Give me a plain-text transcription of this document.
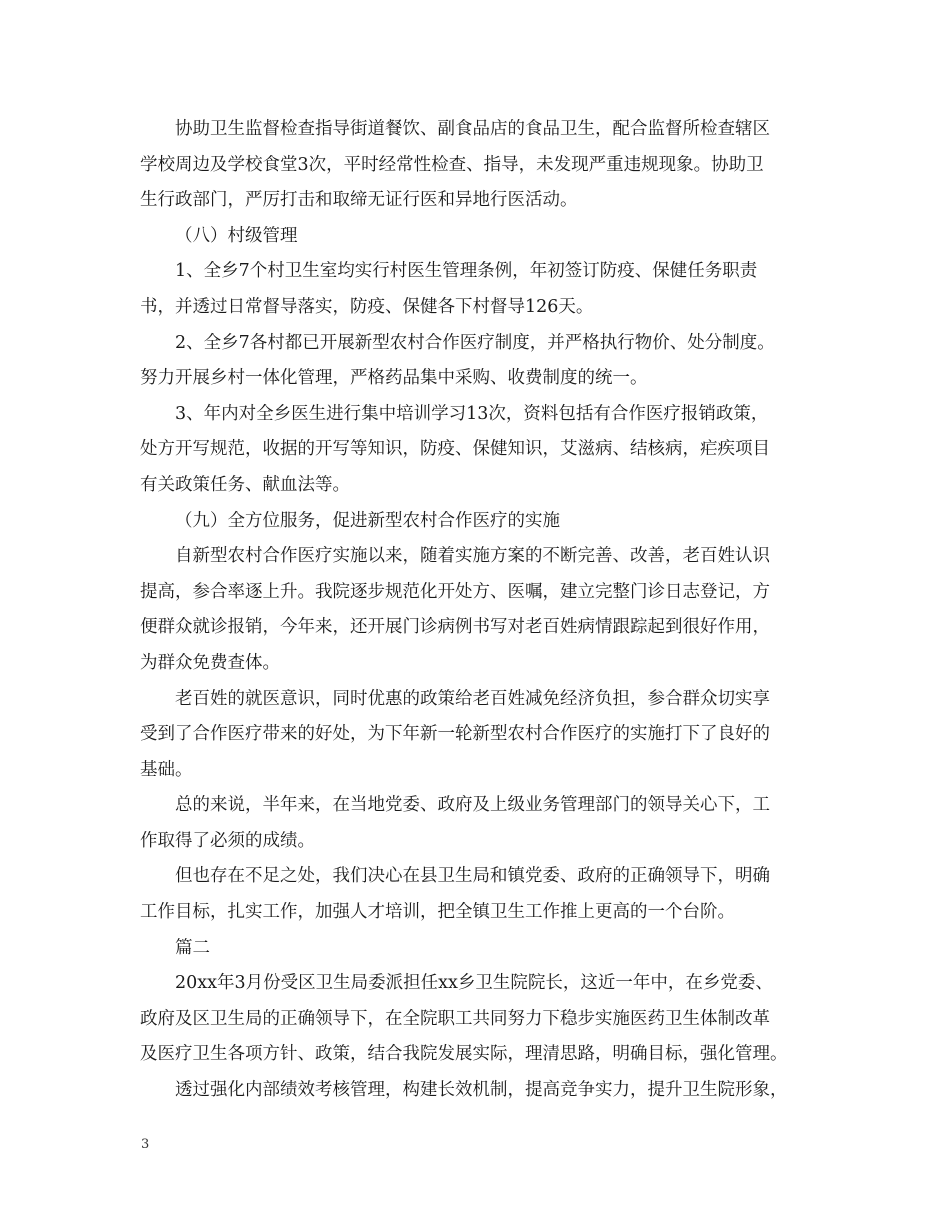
协助卫生监督检查指导街道餐饮、副食品店的食品卫生，配合监督所检查辖区
学校周边及学校食堂3次，平时经常性检查、指导，未发现严重违规现象。协助卫
生行政部门，严厉打击和取缔无证行医和异地行医活动。
（八）村级管理
1、全乡7个村卫生室均实行村医生管理条例，年初签订防疫、保健任务职责
书，并透过日常督导落实，防疫、保健各下村督导126天。
2、全乡7各村都已开展新型农村合作医疗制度，并严格执行物价、处分制度。
努力开展乡村一体化管理，严格药品集中采购、收费制度的统一。
3、年内对全乡医生进行集中培训学习13次，资料包括有合作医疗报销政策，
处方开写规范，收据的开写等知识，防疫、保健知识，艾滋病、结核病，疟疾项目
有关政策任务、献血法等。
（九）全方位服务，促进新型农村合作医疗的实施
自新型农村合作医疗实施以来，随着实施方案的不断完善、改善，老百姓认识
提高，参合率逐上升。我院逐步规范化开处方、医嘱，建立完整门诊日志登记，方
便群众就诊报销，今年来，还开展门诊病例书写对老百姓病情跟踪起到很好作用，
为群众免费查体。
老百姓的就医意识，同时优惠的政策给老百姓减免经济负担，参合群众切实享
受到了合作医疗带来的好处，为下年新一轮新型农村合作医疗的实施打下了良好的
基础。
总的来说，半年来，在当地党委、政府及上级业务管理部门的领导关心下，工
作取得了必须的成绩。
但也存在不足之处，我们决心在县卫生局和镇党委、政府的正确领导下，明确
工作目标，扎实工作，加强人才培训，把全镇卫生工作推上更高的一个台阶。
篇二
20xx年3月份受区卫生局委派担任xx乡卫生院院长，这近一年中，在乡党委、
政府及区卫生局的正确领导下，在全院职工共同努力下稳步实施医药卫生体制改革
及医疗卫生各项方针、政策，结合我院发展实际，理清思路，明确目标，强化管理。
透过强化内部绩效考核管理，构建长效机制，提高竞争实力，提升卫生院形象，
3
